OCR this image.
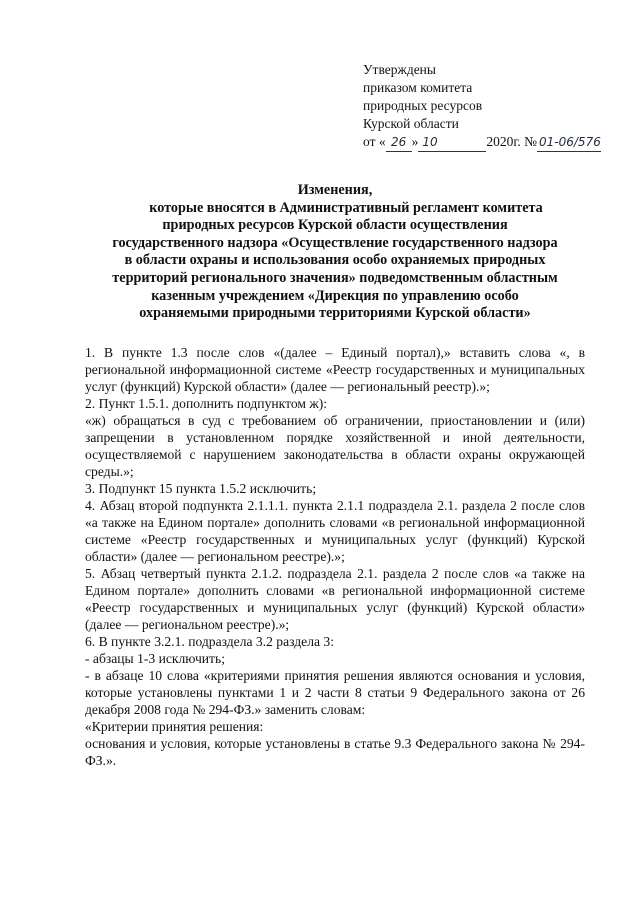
Утверждены
приказом комитета
природных ресурсов
Курской области
от « 26 » 10	2020г. № 01-06/576
Изменения,
которые вносятся в Административный регламент комитета
природных ресурсов Курской области осуществления
государственного надзора «Осуществление государственного надзора
в области охраны и использования особо охраняемых природных
территорий регионального значения» подведомственным областным
казенным учреждением «Дирекция по управлению особо
охраняемыми природными территориями Курской области»

1. В пункте 1.3 после слов «(далее – Единый портал),» вставить слова «, в региональной информационной системе «Реестр государственных и муниципальных услуг (функций) Курской области» (далее — региональный реестр).»;

2. Пункт 1.5.1. дополнить подпунктом ж):

«ж) обращаться в суд с требованием об ограничении, приостановлении и (или) запрещении в установленном порядке хозяйственной и иной деятельности, осуществляемой с нарушением законодательства в области охраны окружающей среды.»;

3. Подпункт 15 пункта 1.5.2 исключить;

4. Абзац второй подпункта 2.1.1.1. пункта 2.1.1 подраздела 2.1. раздела 2 после слов «а также на Едином портале» дополнить словами «в региональной информационной системе «Реестр государственных и муниципальных услуг (функций) Курской области» (далее — региональном реестре).»;

5. Абзац четвертый пункта 2.1.2. подраздела 2.1. раздела 2 после слов «а также на Едином портале» дополнить словами «в региональной информационной системе «Реестр государственных и муниципальных услуг (функций) Курской области» (далее — региональном реестре).»;

6. В пункте 3.2.1. подраздела 3.2 раздела 3:

- абзацы 1-3 исключить;

- в абзаце 10 слова «критериями принятия решения являются основания и условия, которые установлены пунктами 1 и 2 части 8 статьи 9 Федерального закона от 26 декабря 2008 года № 294-ФЗ.» заменить словам:

«Критерии принятия решения:

основания и условия, которые установлены в статье 9.3 Федерального закона № 294-ФЗ.».
